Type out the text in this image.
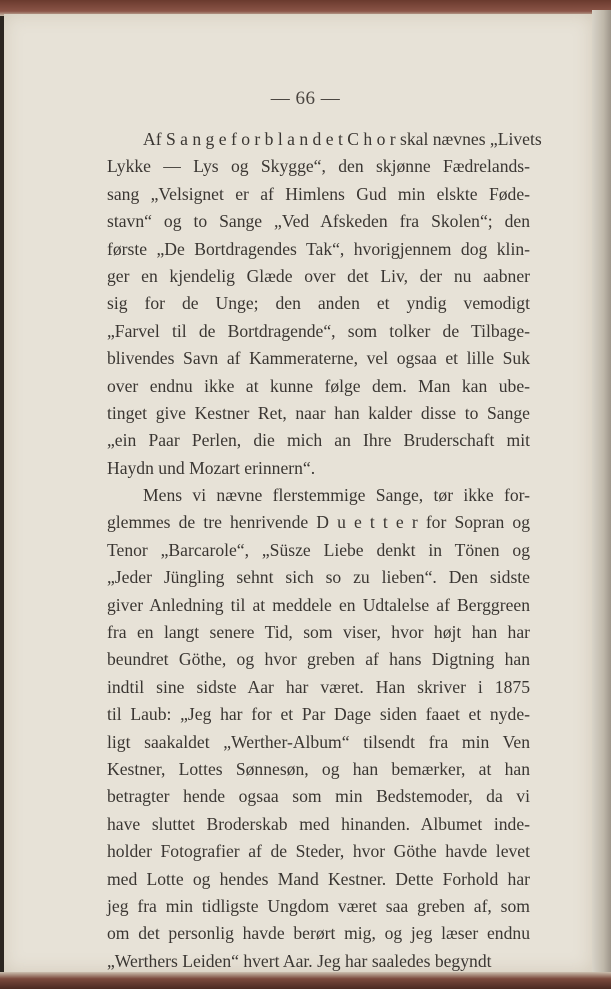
— 66 —
Af S a n g e f o r b l a n d e t C h o r skal nævnes „Livets
Lykke — Lys og Skygge“, den skjønne Fædrelands-
sang „Velsignet er af Himlens Gud min elskte Føde-
stavn“ og to Sange „Ved Afskeden fra Skolen“; den
første „De Bortdragendes Tak“, hvorigjennem dog klin-
ger en kjendelig Glæde over det Liv, der nu aabner
sig for de Unge; den anden et yndig vemodigt
„Farvel til de Bortdragende“, som tolker de Tilbage-
blivendes Savn af Kammeraterne, vel ogsaa et lille Suk
over endnu ikke at kunne følge dem. Man kan ube-
tinget give Kestner Ret, naar han kalder disse to Sange
„ein Paar Perlen, die mich an Ihre Bruderschaft mit
Haydn und Mozart erinnern“.
Mens vi nævne flerstemmige Sange, tør ikke for-
glemmes de tre henrivende D u e t t e r for Sopran og
Tenor „Barcarole“, „Süsze Liebe denkt in Tönen og
„Jeder Jüngling sehnt sich so zu lieben“. Den sidste
giver Anledning til at meddele en Udtalelse af Berggreen
fra en langt senere Tid, som viser, hvor højt han har
beundret Göthe, og hvor greben af hans Digtning han
indtil sine sidste Aar har været. Han skriver i 1875
til Laub: „Jeg har for et Par Dage siden faaet et nyde-
ligt saakaldet „Werther-Album“ tilsendt fra min Ven
Kestner, Lottes Sønnesøn, og han bemærker, at han
betragter hende ogsaa som min Bedstemoder, da vi
have sluttet Broderskab med hinanden. Albumet inde-
holder Fotografier af de Steder, hvor Göthe havde levet
med Lotte og hendes Mand Kestner. Dette Forhold har
jeg fra min tidligste Ungdom været saa greben af, som
om det personlig havde berørt mig, og jeg læser endnu
„Werthers Leiden“ hvert Aar. Jeg har saaledes begyndt
